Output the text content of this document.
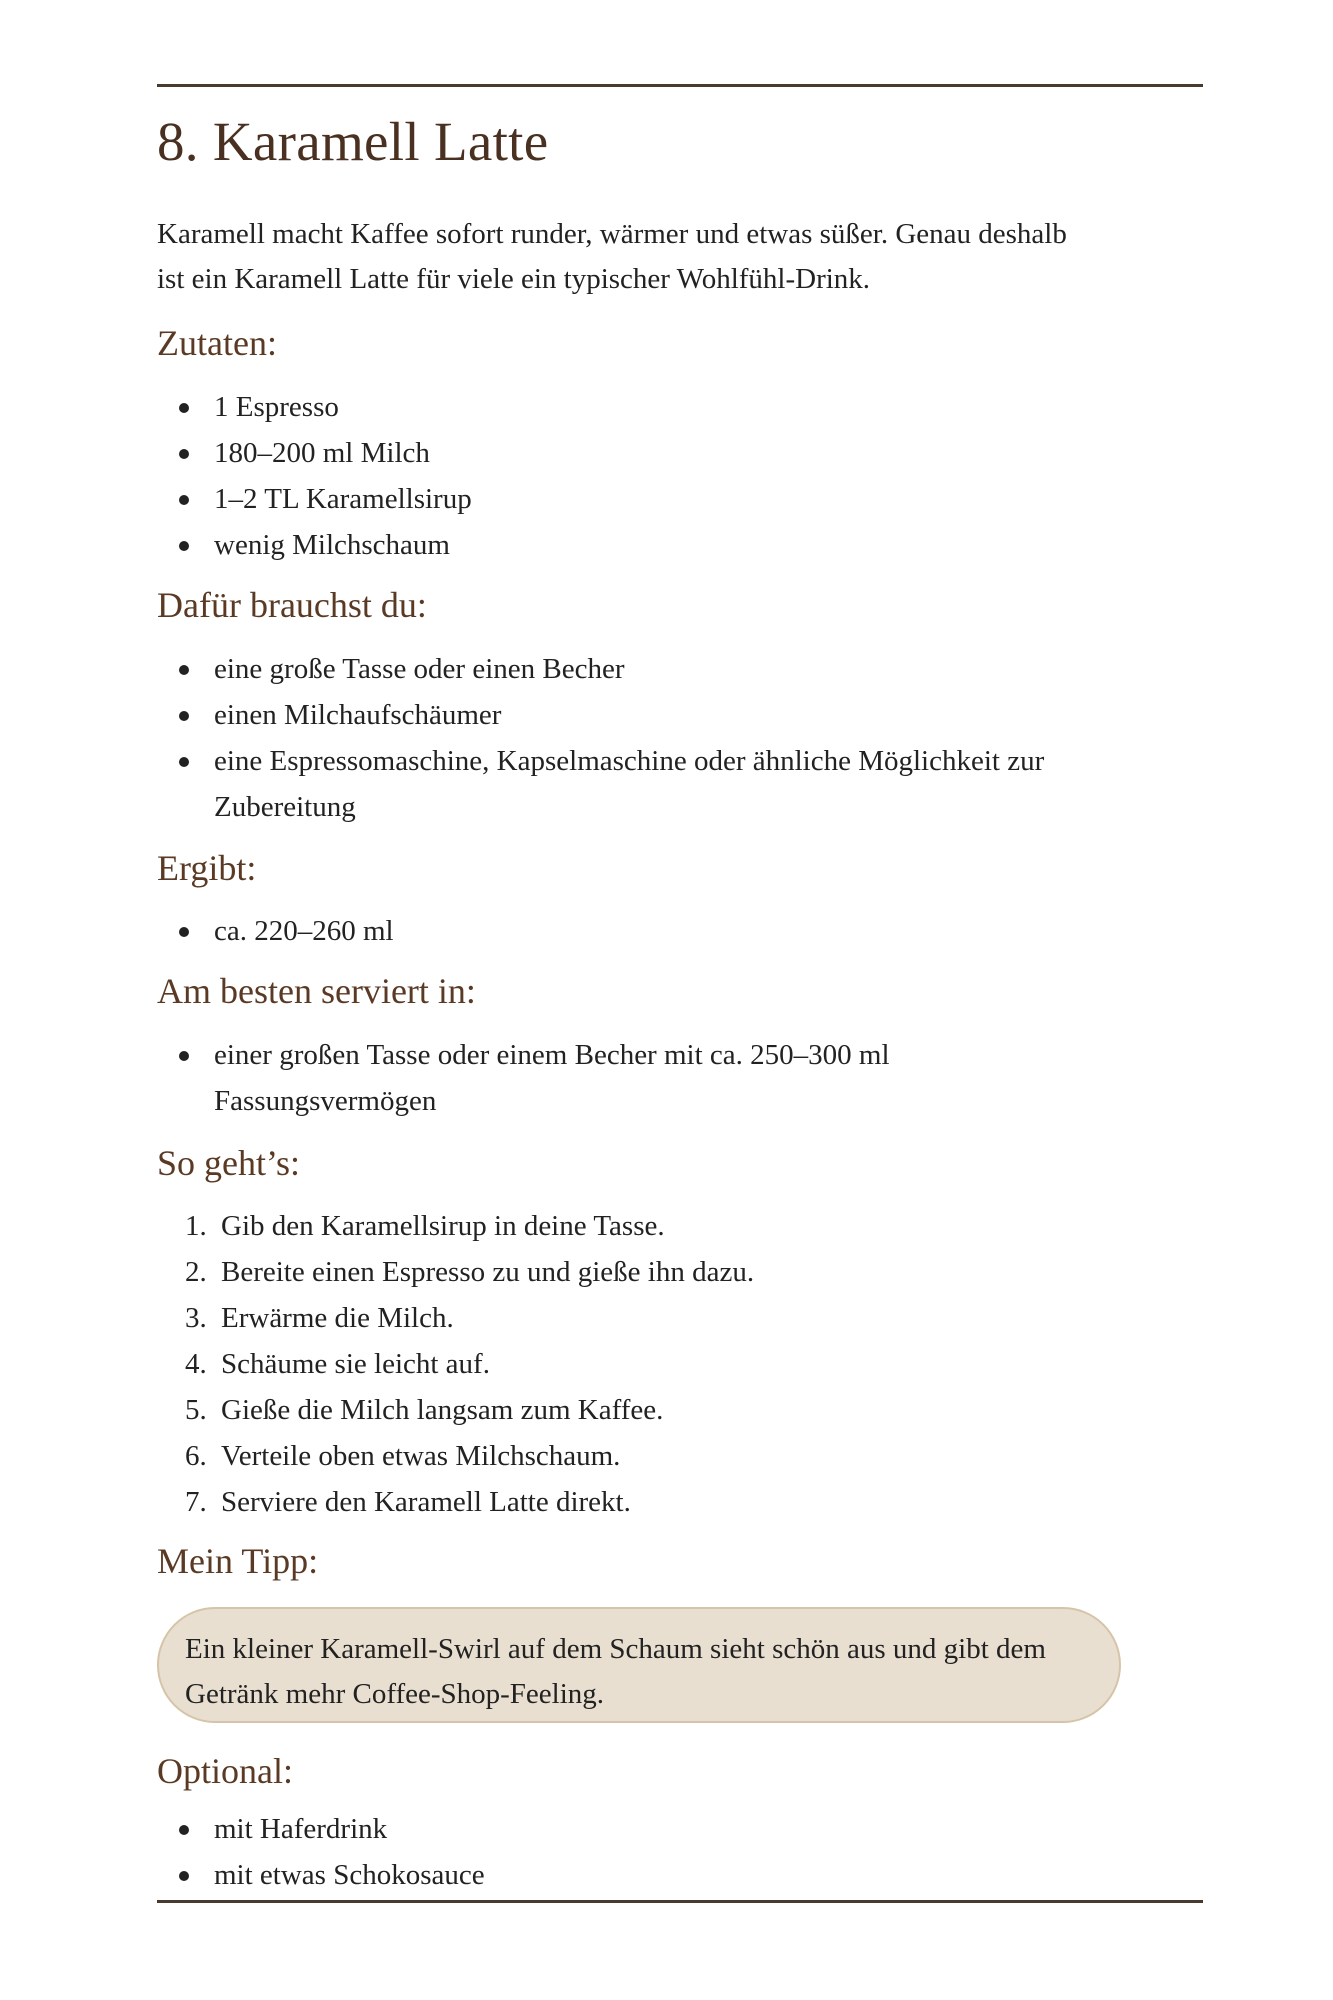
8. Karamell Latte

Karamell macht Kaffee sofort runder, wärmer und etwas süßer. Genau deshalb ist ein Karamell Latte für viele ein typischer Wohlfühl-Drink.

Zutaten:
1 Espresso
180–200 ml Milch
1–2 TL Karamellsirup
wenig Milchschaum
Dafür brauchst du:
eine große Tasse oder einen Becher
einen Milchaufschäumer
eine Espressomaschine, Kapselmaschine oder ähnliche Möglichkeit zur Zubereitung
Ergibt:
ca. 220–260 ml
Am besten serviert in:
einer großen Tasse oder einem Becher mit ca. 250–300 ml Fassungsvermögen
So geht’s:
1. Gib den Karamellsirup in deine Tasse.
2. Bereite einen Espresso zu und gieße ihn dazu.
3. Erwärme die Milch.
4. Schäume sie leicht auf.
5. Gieße die Milch langsam zum Kaffee.
6. Verteile oben etwas Milchschaum.
7. Serviere den Karamell Latte direkt.
Mein Tipp:
Ein kleiner Karamell-Swirl auf dem Schaum sieht schön aus und gibt dem Getränk mehr Coffee-Shop-Feeling.
Optional:
mit Haferdrink
mit etwas Schokosauce
